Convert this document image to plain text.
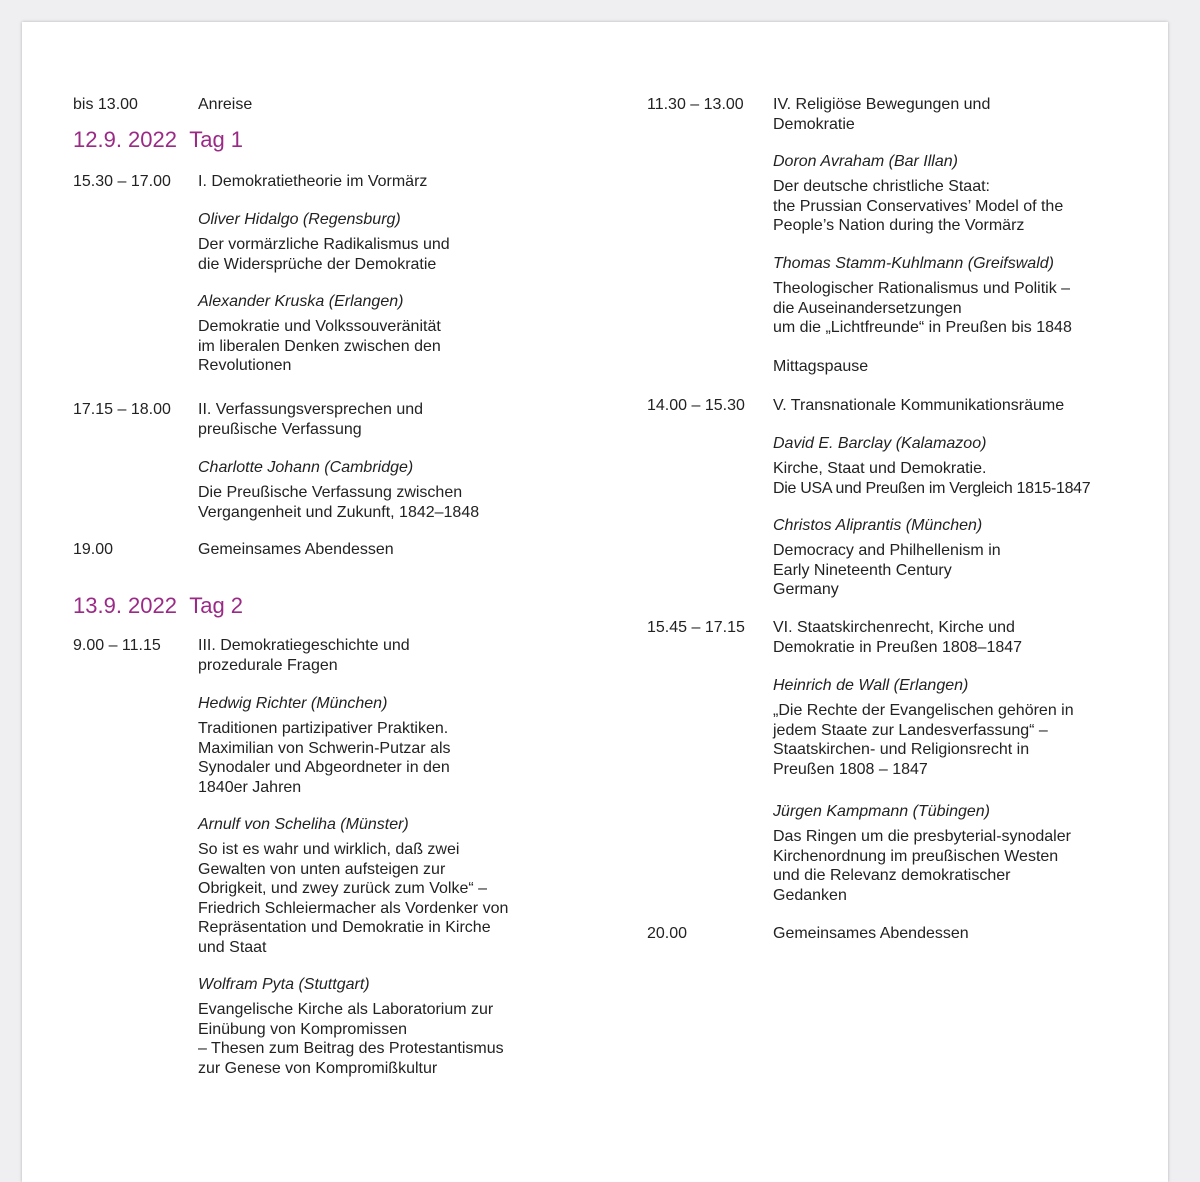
bis 13.00	Anreise
12.9. 2022 Tag 1
15.30 – 17.00 I. Demokratietheorie im Vormärz
Oliver Hidalgo (Regensburg)
Der vormärzliche Radikalismus und
die Widersprüche der Demokratie
Alexander Kruska (Erlangen)
Demokratie und Volkssouveränität
im liberalen Denken zwischen den
Revolutionen
17.15 – 18.00 II. Verfassungsversprechen und
preußische Verfassung
Charlotte Johann (Cambridge)
Die Preußische Verfassung zwischen
Vergangenheit und Zukunft, 1842–1848
19.00	Gemeinsames Abendessen
13.9. 2022 Tag 2
9.00 – 11.15 III. Demokratiegeschichte und
prozedurale Fragen
Hedwig Richter (München)
Traditionen partizipativer Praktiken.
Maximilian von Schwerin-Putzar als
Synodaler und Abgeordneter in den
1840er Jahren
Arnulf von Scheliha (Münster)
So ist es wahr und wirklich, daß zwei
Gewalten von unten aufsteigen zur
Obrigkeit, und zwey zurück zum Volke“ –
Friedrich Schleiermacher als Vordenker von
Repräsentation und Demokratie in Kirche
und Staat
Wolfram Pyta (Stuttgart)
Evangelische Kirche als Laboratorium zur
Einübung von Kompromissen
– Thesen zum Beitrag des Protestantismus
zur Genese von Kompromißkultur
11.30 – 13.00 IV. Religiöse Bewegungen und
Demokratie
Doron Avraham (Bar Illan)
Der deutsche christliche Staat:
the Prussian Conservatives’ Model of the
People’s Nation during the Vormärz
Thomas Stamm-Kuhlmann (Greifswald)
Theologischer Rationalismus und Politik –
die Auseinandersetzungen
um die „Lichtfreunde“ in Preußen bis 1848
Mittagspause
14.00 – 15.30 V. Transnationale Kommunikationsräume
David E. Barclay (Kalamazoo)
Kirche, Staat und Demokratie.
Die USA und Preußen im Vergleich 1815-1847
Christos Aliprantis (München)
Democracy and Philhellenism in
Early Nineteenth Century
Germany
15.45 – 17.15 VI. Staatskirchenrecht, Kirche und
Demokratie in Preußen 1808–1847
Heinrich de Wall (Erlangen)
„Die Rechte der Evangelischen gehören in
jedem Staate zur Landesverfassung“ –
Staatskirchen- und Religionsrecht in
Preußen 1808 – 1847
Jürgen Kampmann (Tübingen)
Das Ringen um die presbyterial-synodaler
Kirchenordnung im preußischen Westen
und die Relevanz demokratischer
Gedanken
20.00	Gemeinsames Abendessen
